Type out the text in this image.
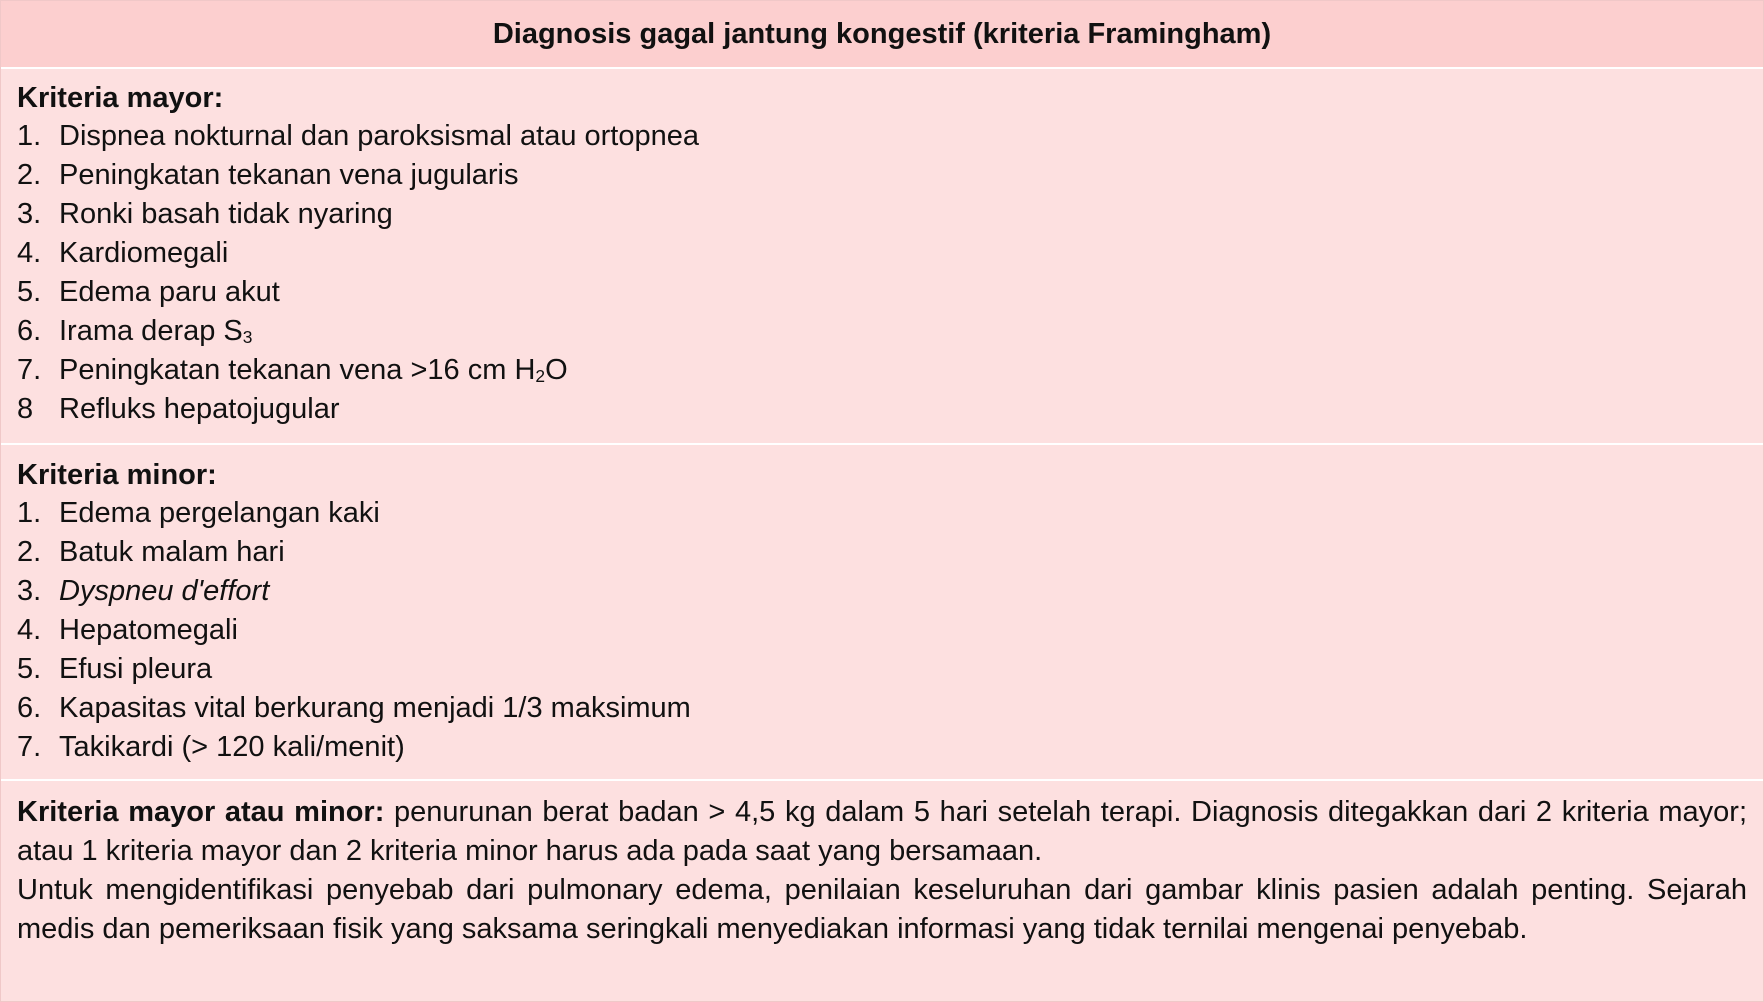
Diagnosis gagal jantung kongestif (kriteria Framingham)
Kriteria mayor:
1. Dispnea nokturnal dan paroksismal atau ortopnea
2. Peningkatan tekanan vena jugularis
3. Ronki basah tidak nyaring
4. Kardiomegali
5. Edema paru akut
6. Irama derap $S_3$
7. Peningkatan tekanan vena >16 cm $H_2O$
8 Refluks hepatojugular
Kriteria minor:
1. Edema pergelangan kaki
2. Batuk malam hari
3. Dyspneu d'effort
4. Hepatomegali
5. Efusi pleura
6. Kapasitas vital berkurang menjadi 1/3 maksimum
7. Takikardi (> 120 kali/menit)

Kriteria mayor atau minor: penurunan berat badan > 4,5 kg dalam 5 hari setelah terapi. Diagnosis ditegakkan dari 2 kriteria mayor; atau 1 kriteria mayor dan 2 kriteria minor harus ada pada saat yang bersamaan.

Untuk mengidentifikasi penyebab dari pulmonary edema, penilaian keseluruhan dari gambar klinis pasien adalah penting. Sejarah medis dan pemeriksaan fisik yang saksama seringkali menyediakan informasi yang tidak ternilai mengenai penyebab.
